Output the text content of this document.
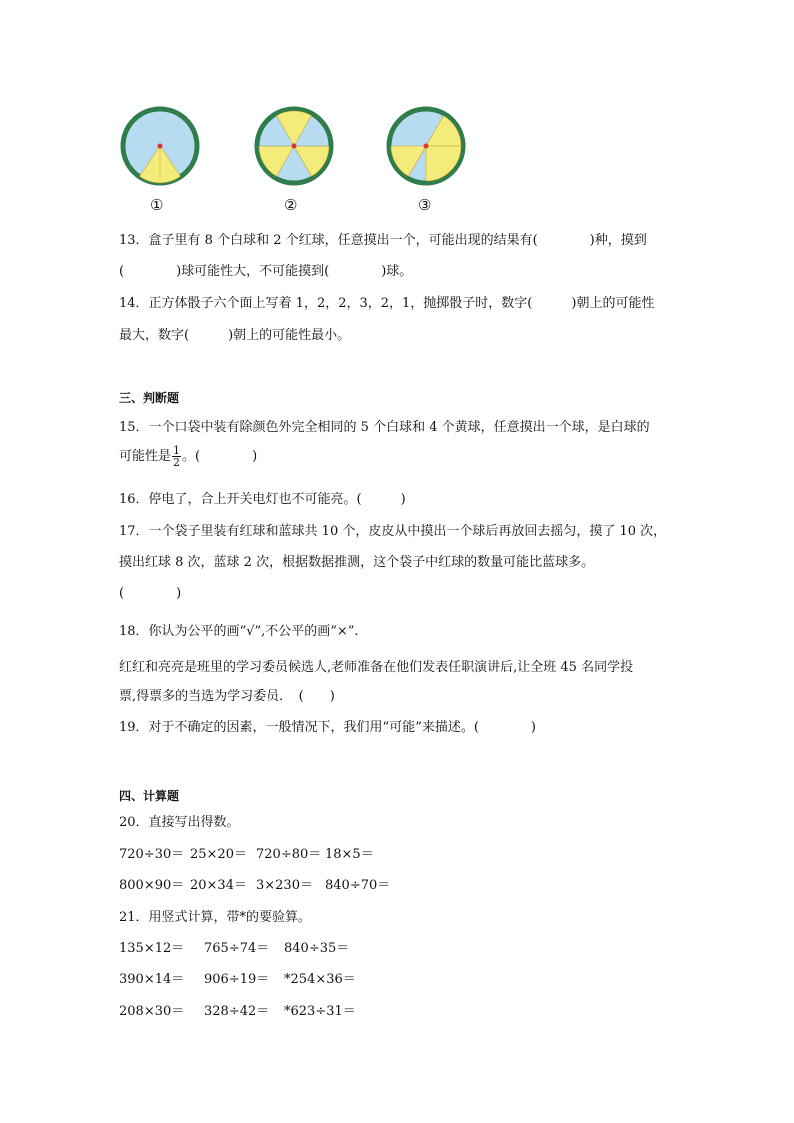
①	②	③
13．盒子里有 8 个白球和 2 个红球，任意摸出一个，可能出现的结果有(　　　　)种，摸到
(　　　　)球可能性大，不可能摸到(　　　　)球。
14．正方体骰子六个面上写着 1，2，2，3，2，1，抛掷骰子时，数字(　　　)朝上的可能性
最大，数字(　　　)朝上的可能性最小。
三、判断题
15．一个口袋中装有除颜色外完全相同的 5 个白球和 4 个黄球，任意摸出一个球，是白球的
可能性是 $\frac{1}{2}$ 。(　　　　)
16．停电了，合上开关电灯也不可能亮。(　　　)
17．一个袋子里装有红球和蓝球共 10 个，皮皮从中摸出一个球后再放回去摇匀，摸了 10 次，
摸出红球 8 次，蓝球 2 次，根据数据推测，这个袋子中红球的数量可能比蓝球多。
(　　　　)
18．你认为公平的画“√”,不公平的画“×”.
红红和亮亮是班里的学习委员候选人,老师准备在他们发表任职演讲后,让全班 45 名同学投
票,得票多的当选为学习委员．　(　　)
19．对于不确定的因素，一般情况下，我们用“可能”来描述。(　　　　)
四、计算题
20．直接写出得数。
720÷30＝ 25×20＝ 720÷80＝ 18×5＝
800×90＝ 20×34＝ 3×230＝ 840÷70＝
21．用竖式计算，带*的要验算。
135×12＝ 765÷74＝ 840÷35＝
390×14＝ 906÷19＝ *254×36＝
208×30＝ 328÷42＝ *623÷31＝
